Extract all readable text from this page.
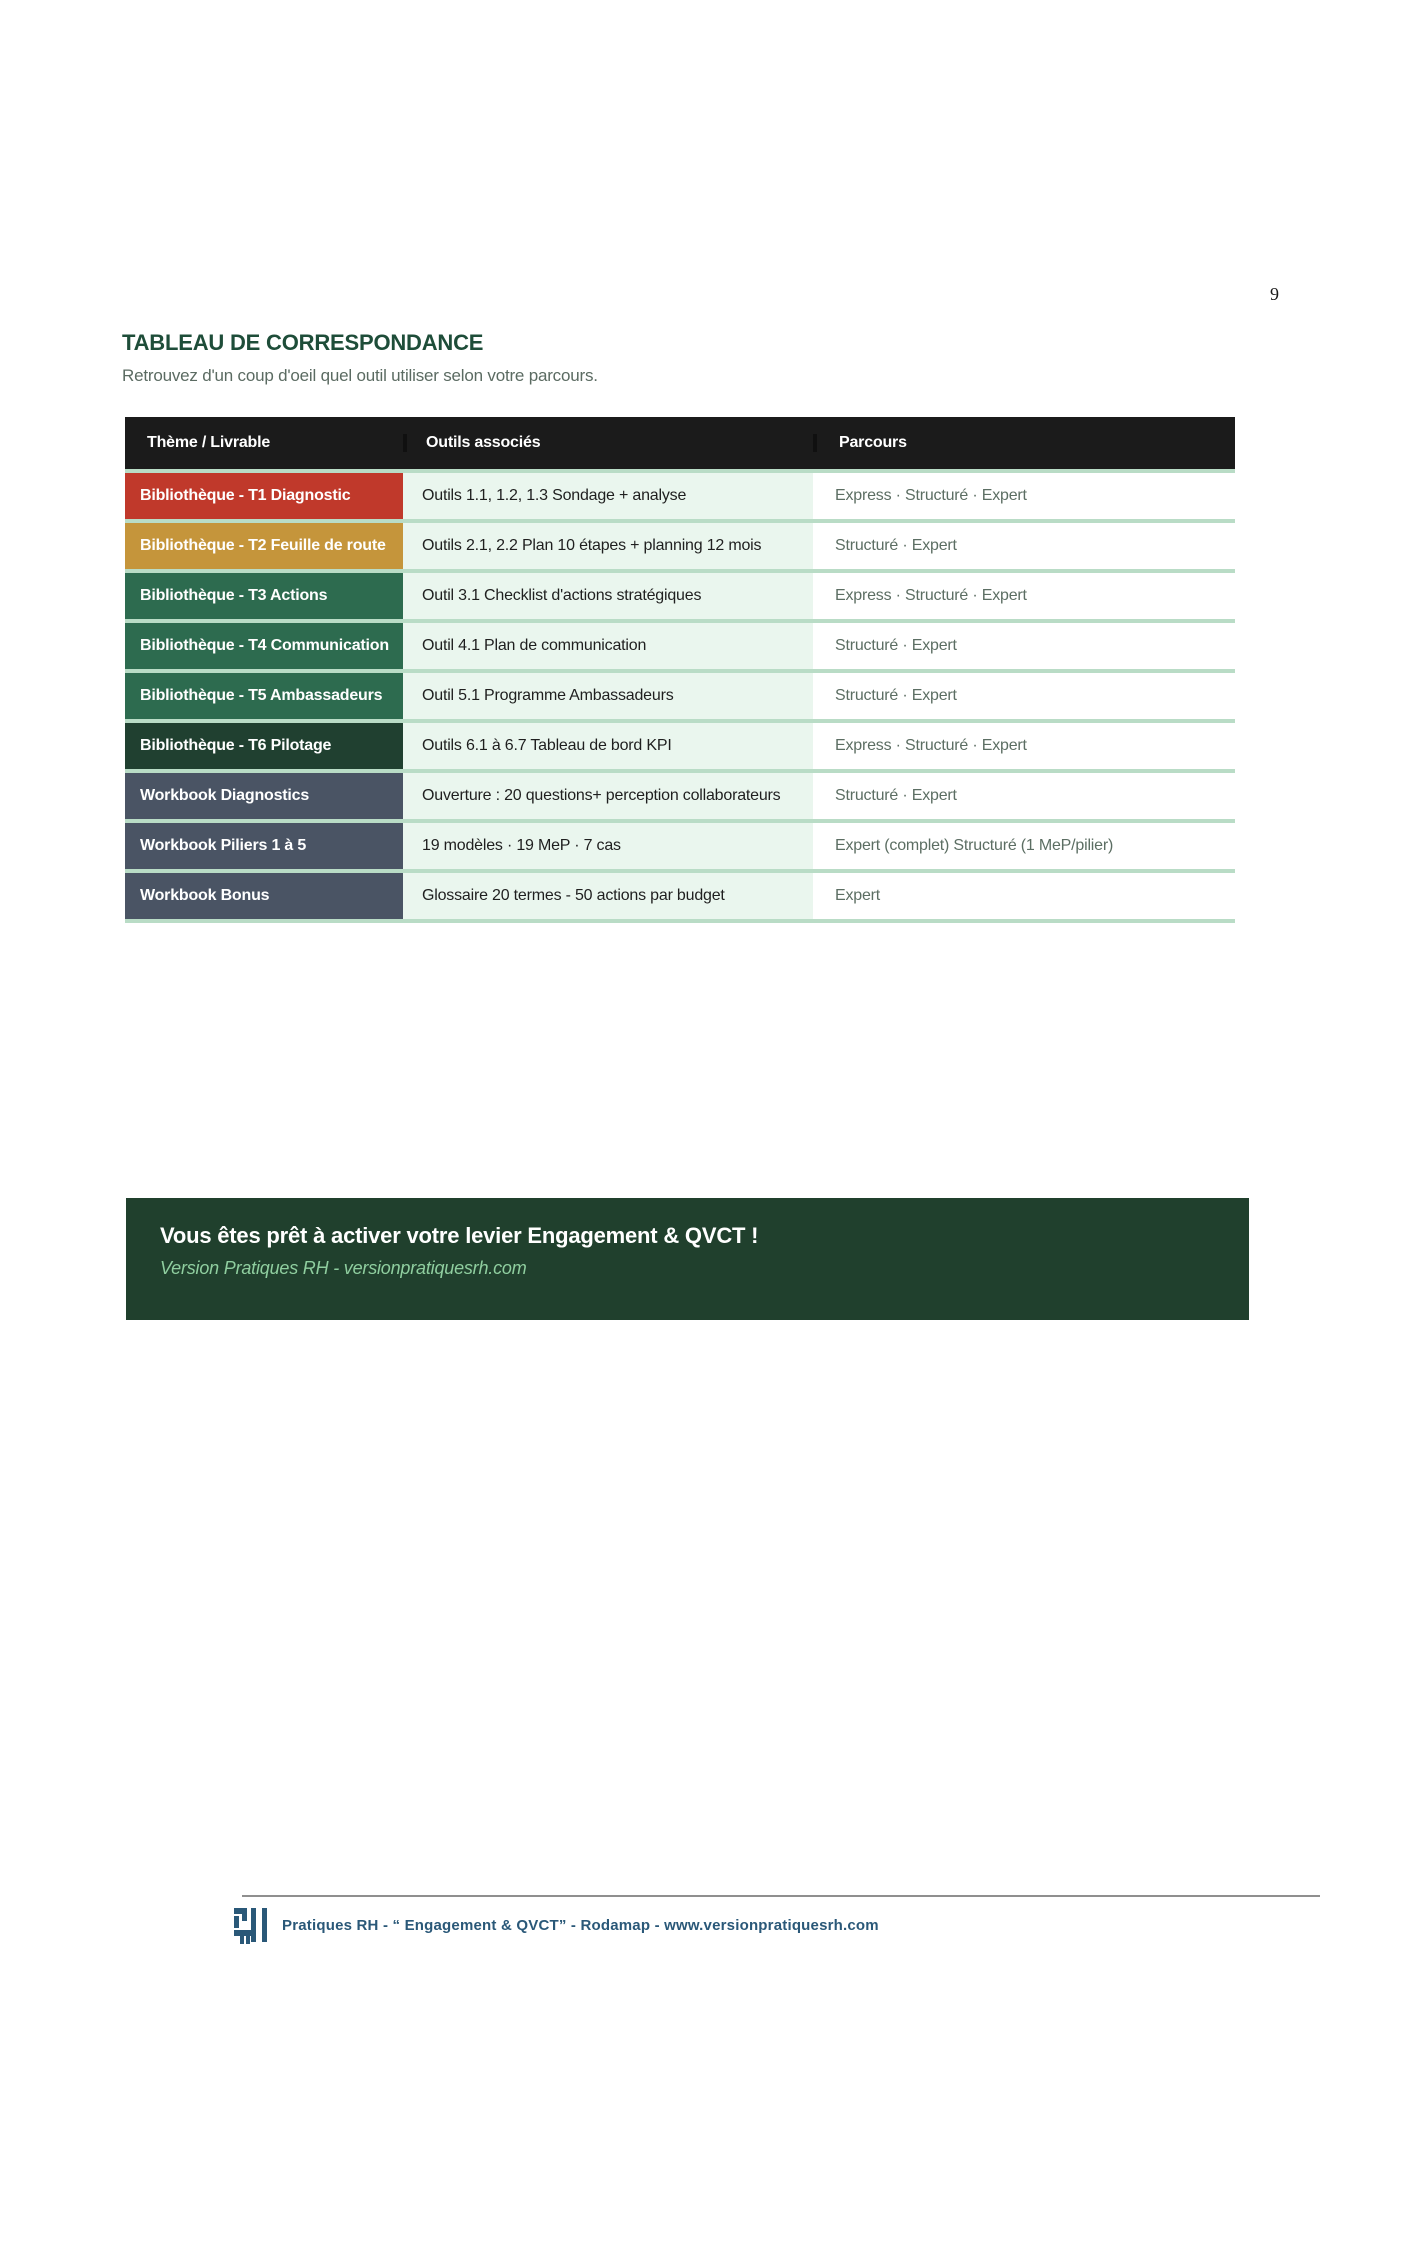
9
TABLEAU DE CORRESPONDANCE

Retrouvez d'un coup d'oeil quel outil utiliser selon votre parcours.

Thème / Livrable	Outils associés	Parcours
Bibliothèque - T1 Diagnostic	Outils 1.1, 1.2, 1.3 Sondage + analyse	Express · Structuré · Expert
Bibliothèque - T2 Feuille de route	Outils 2.1, 2.2 Plan 10 étapes + planning 12 mois	Structuré · Expert
Bibliothèque - T3 Actions	Outil 3.1 Checklist d'actions stratégiques	Express · Structuré · Expert
Bibliothèque - T4 Communication	Outil 4.1 Plan de communication	Structuré · Expert
Bibliothèque - T5 Ambassadeurs	Outil 5.1 Programme Ambassadeurs	Structuré · Expert
Bibliothèque - T6 Pilotage	Outils 6.1 à 6.7 Tableau de bord KPI	Express · Structuré · Expert
Workbook Diagnostics	Ouverture : 20 questions+ perception collaborateurs	Structuré · Expert
Workbook Piliers 1 à 5	19 modèles · 19 MeP · 7 cas	Expert (complet) Structuré (1 MeP/pilier)
Workbook Bonus	Glossaire 20 termes - 50 actions par budget	Expert

Vous êtes prêt à activer votre levier Engagement & QVCT !

Version Pratiques RH - versionpratiquesrh.com

Pratiques RH - “ Engagement & QVCT” - Rodamap - www.versionpratiquesrh.com
